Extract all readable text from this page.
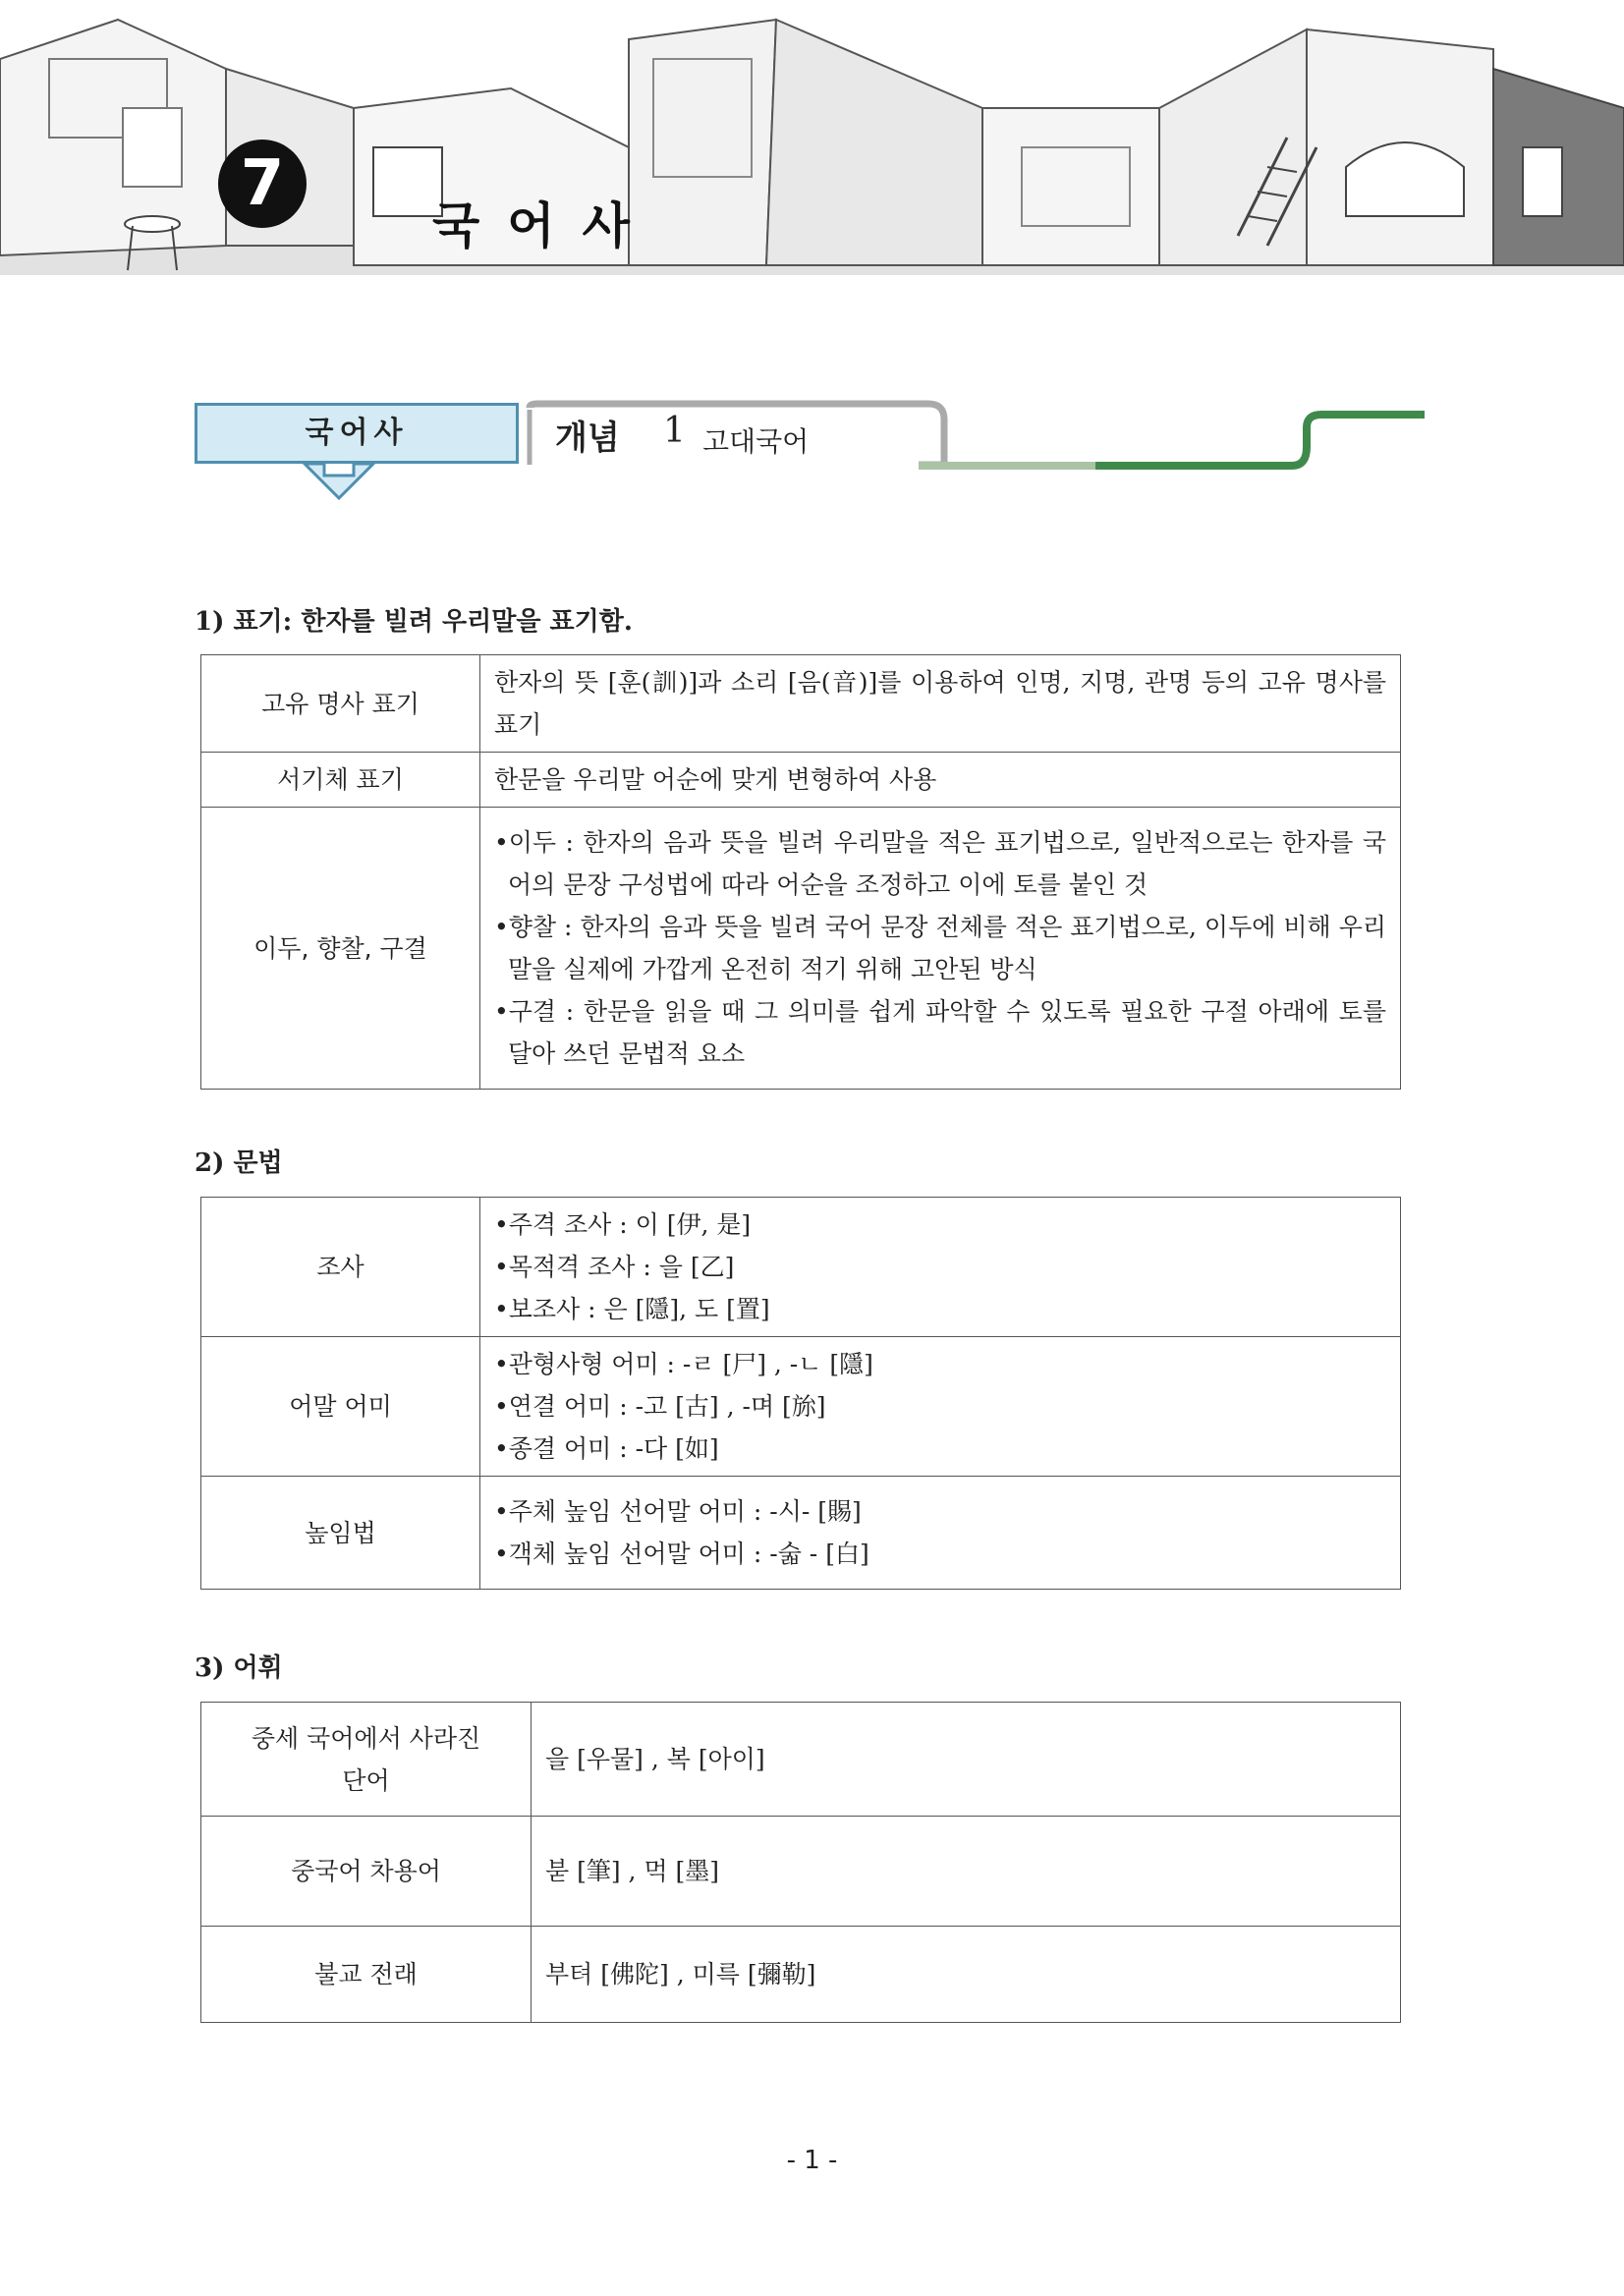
7
국어사
국어사	개념 1 고대국어
1) 표기: 한자를 빌려 우리말을 표기함.
고유 명사 표기	한자의 뜻 [훈(訓)]과 소리 [음(音)]를 이용하여 인명, 지명, 관명 등의 고유 명사를 표기
서기체 표기	한문을 우리말 어순에 맞게 변형하여 사용
이두, 향찰, 구결	•이두 : 한자의 음과 뜻을 빌려 우리말을 적은 표기법으로, 일반적으로는 한자를 국어의 문장 구성법에 따라 어순을 조정하고 이에 토를 붙인 것
•향찰 : 한자의 음과 뜻을 빌려 국어 문장 전체를 적은 표기법으로, 이두에 비해 우리말을 실제에 가깝게 온전히 적기 위해 고안된 방식
•구결 : 한문을 읽을 때 그 의미를 쉽게 파악할 수 있도록 필요한 구절 아래에 토를 달아 쓰던 문법적 요소
2) 문법
조사	•주격 조사 : 이 [伊, 是]
•목적격 조사 : 을 [乙]
•보조사 : 은 [隱], 도 [置]

어말 어미	•관형사형 어미 : -ㄹ [尸] , -ㄴ [隱]
•연결 어미 : -고 [古] , -며 [旀]
•종결 어미 : -다 [如]

높임법	•주체 높임 선어말 어미 : -시- [賜]
•객체 높임 선어말 어미 : -숣 - [白]
3) 어휘
중세 국어에서 사라진 단어	을 [우물] , 복 [아이]
중국어 차용어	붇 [筆] , 먹 [墨]
불교 전래	부텨 [佛陀] , 미륵 [彌勒]
- 1 -
